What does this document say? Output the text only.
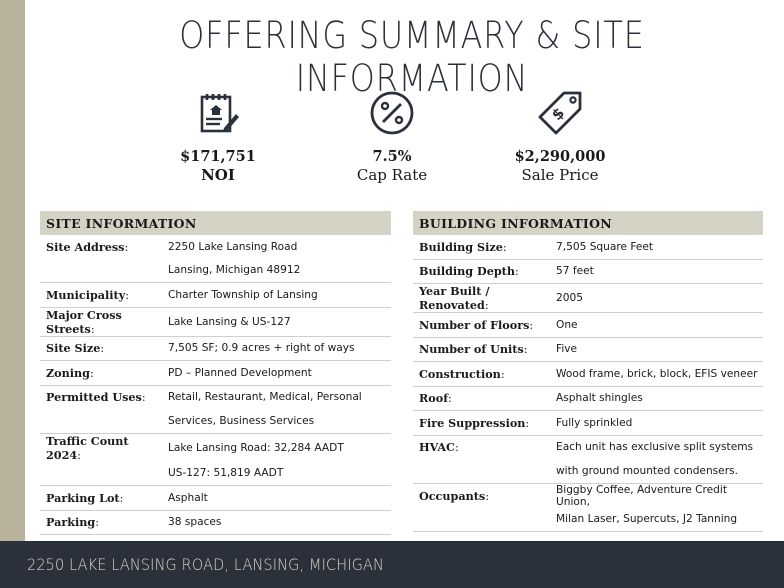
OFFERING SUMMARY & SITE INFORMATION
$171,751
NOI
7.5%
Cap Rate
$
$2,290,000
Sale Price
SITE INFORMATION	
Site Address:	2250 Lake Lansing Road
	Lansing, Michigan 48912
Municipality:	Charter Township of Lansing
Major Cross Streets:	Lake Lansing & US-127
Site Size:	7,505 SF; 0.9 acres + right of ways
Zoning:	PD – Planned Development
Permitted Uses:	Retail, Restaurant, Medical, Personal
	Services, Business Services
Traffic Count 2024:	Lake Lansing Road: 32,284 AADT
	US-127: 51,819 AADT
Parking Lot:	Asphalt
Parking:	38 spaces
BUILDING INFORMATION	
Building Size:	7,505 Square Feet
Building Depth:	57 feet
Year Built / Renovated:	2005
Number of Floors:	One
Number of Units:	Five
Construction:	Wood frame, brick, block, EFIS veneer
Roof:	Asphalt shingles
Fire Suppression:	Fully sprinkled
HVAC:	Each unit has exclusive split systems
	with ground mounted condensers.
Occupants:	Biggby Coffee, Adventure Credit Union,
	Milan Laser, Supercuts, J2 Tanning
2250 LAKE LANSING ROAD, LANSING, MICHIGAN
